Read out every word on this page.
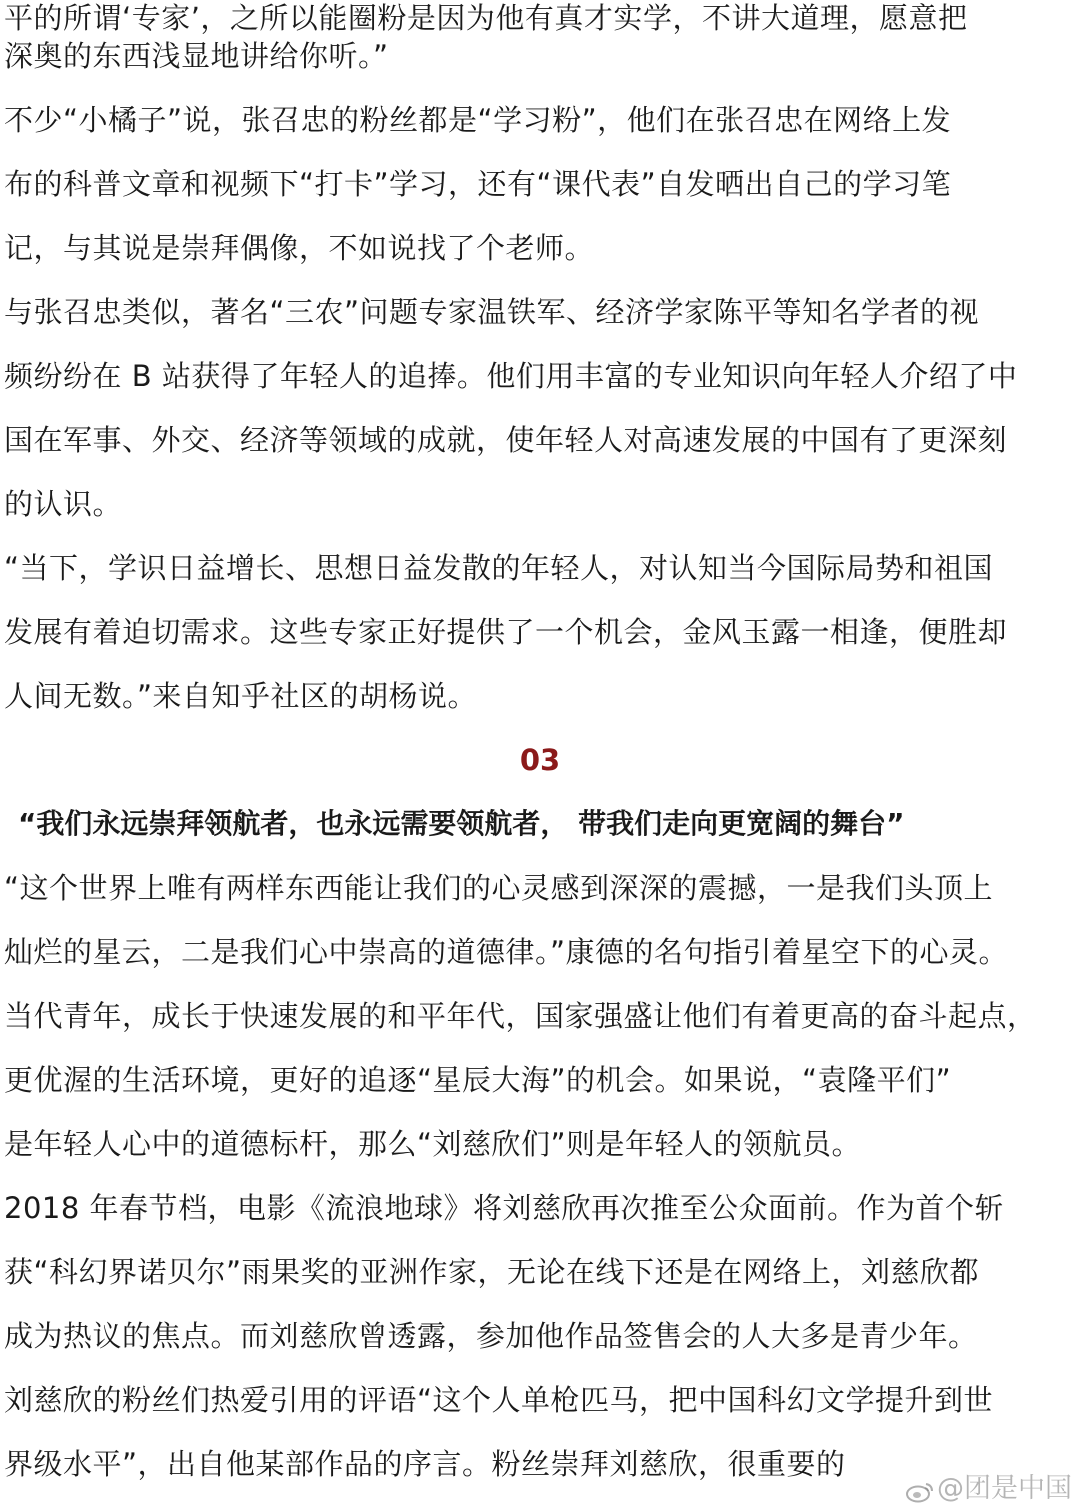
平的所谓‘专家’，之所以能圈粉是因为他有真才实学，不讲大道理，愿意把
深奥的东西浅显地讲给你听。”
不少“小橘子”说，张召忠的粉丝都是“学习粉”，他们在张召忠在网络上发
布的科普文章和视频下“打卡”学习，还有“课代表”自发晒出自己的学习笔
记，与其说是崇拜偶像，不如说找了个老师。
与张召忠类似，著名“三农”问题专家温铁军、经济学家陈平等知名学者的视
频纷纷在 B 站获得了年轻人的追捧。他们用丰富的专业知识向年轻人介绍了中
国在军事、外交、经济等领域的成就，使年轻人对高速发展的中国有了更深刻
的认识。
“当下，学识日益增长、思想日益发散的年轻人，对认知当今国际局势和祖国
发展有着迫切需求。这些专家正好提供了一个机会，金风玉露一相逢，便胜却
人间无数。”来自知乎社区的胡杨说。
03
“我们永远崇拜领航者，也永远需要领航者， 带我们走向更宽阔的舞台”
“这个世界上唯有两样东西能让我们的心灵感到深深的震撼，一是我们头顶上
灿烂的星云，二是我们心中崇高的道德律。”康德的名句指引着星空下的心灵。
当代青年，成长于快速发展的和平年代，国家强盛让他们有着更高的奋斗起点，
更优渥的生活环境，更好的追逐“星辰大海”的机会。如果说，“袁隆平们”
是年轻人心中的道德标杆，那么“刘慈欣们”则是年轻人的领航员。
2018 年春节档，电影《流浪地球》将刘慈欣再次推至公众面前。作为首个斩
获“科幻界诺贝尔”雨果奖的亚洲作家，无论在线下还是在网络上，刘慈欣都
成为热议的焦点。而刘慈欣曾透露，参加他作品签售会的人大多是青少年。
刘慈欣的粉丝们热爱引用的评语“这个人单枪匹马，把中国科幻文学提升到世
界级水平”，出自他某部作品的序言。粉丝崇拜刘慈欣，很重要的
@团是中国
